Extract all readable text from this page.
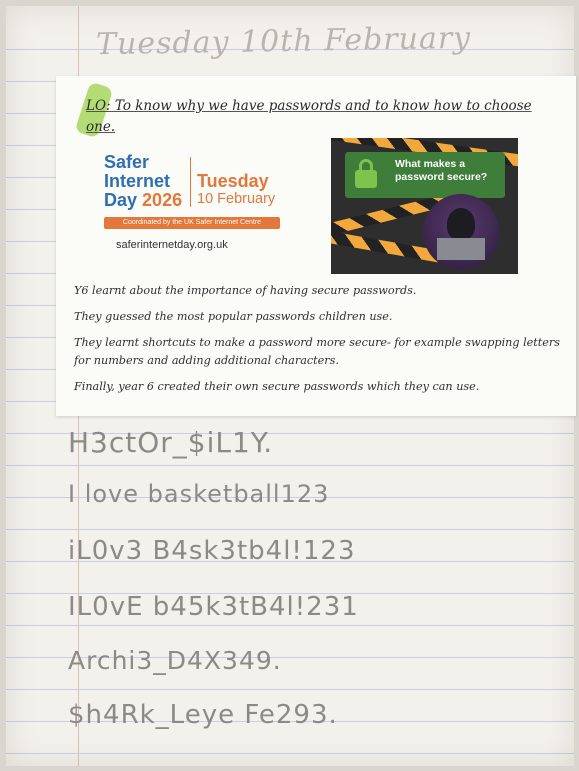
Tuesday 10th February
LO: To know why we have passwords and to know how to choose one.
Safer
Internet
Day 2026
Tuesday
10 February
Coordinated by the UK Safer Internet Centre
saferinternetday.org.uk
What makes a password secure?
Y6 learnt about the importance of having secure passwords.
They guessed the most popular passwords children use.
They learnt shortcuts to make a password more secure- for example swapping letters for numbers and adding additional characters.
Finally, year 6 created their own secure passwords which they can use.
H3ctOr_$iL1Y.
I love basketball123
iL0v3 B4sk3tb4l!123
IL0vE b45k3tB4l!231
Archi3_D4X349.
$h4Rk_Leye Fe293.
